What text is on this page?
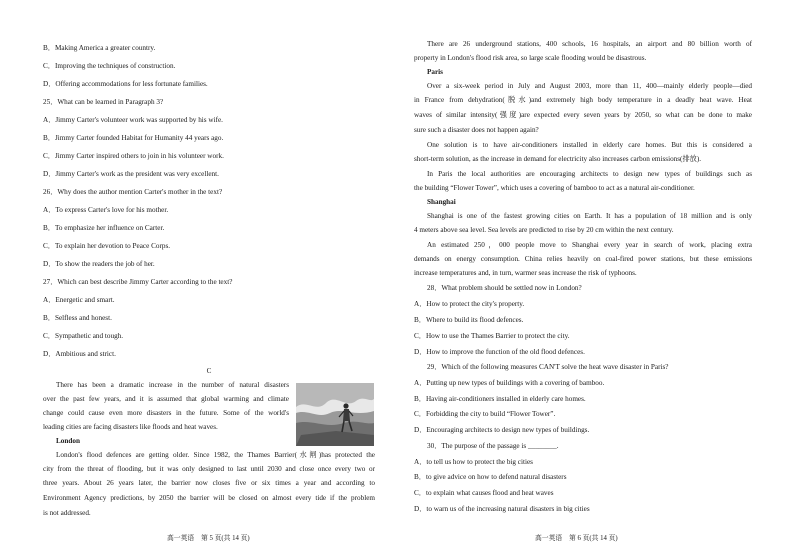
B．Making America a greater country.
C．Improving the techniques of construction.
D．Offering accommodations for less fortunate families.
25．What can be learned in Paragraph 3?
A．Jimmy Carter's volunteer work was supported by his wife.
B．Jimmy Carter founded Habitat for Humanity 44 years ago.
C．Jimmy Carter inspired others to join in his volunteer work.
D．Jimmy Carter's work as the president was very excellent.
26．Why does the author mention Carter's mother in the text?
A．To express Carter's love for his mother.
B．To emphasize her influence on Carter.
C．To explain her devotion to Peace Corps.
D．To show the readers the job of her.
27．Which can best describe Jimmy Carter according to the text?
A．Energetic and smart.
B．Selfless and honest.
C．Sympathetic and tough.
D．Ambitious and strict.
C
There has been a dramatic increase in the number of natural disasters
over the past few years, and it is assumed that global warming and climate
change could cause even more disasters in the future. Some of the world's
leading cities are facing disasters like floods and heat waves.
London
London's flood defences are getting older. Since 1982, the Thames Barrier(水闸)has protected the
city from the threat of flooding, but it was only designed to last until 2030 and close once every two or
three years. About 26 years later, the barrier now closes five or six times a year and according to
Environment Agency predictions, by 2050 the barrier will be closed on almost every tide if the problem
is not addressed.
高一英语　第 5 页(共 14 页)
There are 26 underground stations, 400 schools, 16 hospitals, an airport and 80 billion worth of
property in London's flood risk area, so large scale flooding would be disastrous.
Paris
Over a six-week period in July and August 2003, more than 11, 400—mainly elderly people—died
in France from dehydration(脱水)and extremely high body temperature in a deadly heat wave. Heat
waves of similar intensity(强度)are expected every seven years by 2050, so what can be done to make
sure such a disaster does not happen again?
One solution is to have air-conditioners installed in elderly care homes. But this is considered a
short-term solution, as the increase in demand for electricity also increases carbon emissions(排放).
In Paris the local authorities are encouraging architects to design new types of buildings such as
the building “Flower Tower”, which uses a covering of bamboo to act as a natural air-conditioner.
Shanghai
Shanghai is one of the fastest growing cities on Earth. It has a population of 18 million and is only
4 meters above sea level. Sea levels are predicted to rise by 20 cm within the next century.
An estimated 250，000 people move to Shanghai every year in search of work, placing extra
demands on energy consumption. China relies heavily on coal-fired power stations, but these emissions
increase temperatures and, in turn, warmer seas increase the risk of typhoons.
28．What problem should be settled now in London?
A．How to protect the city's property.
B．Where to build its flood defences.
C．How to use the Thames Barrier to protect the city.
D．How to improve the function of the old flood defences.
29．Which of the following measures CAN'T solve the heat wave disaster in Paris?
A．Putting up new types of buildings with a covering of bamboo.
B．Having air-conditioners installed in elderly care homes.
C．Forbidding the city to build “Flower Tower”.
D．Encouraging architects to design new types of buildings.
30．The purpose of the passage is ________.
A．to tell us how to protect the big cities
B．to give advice on how to defend natural disasters
C．to explain what causes flood and heat waves
D．to warn us of the increasing natural disasters in big cities
高一英语　第 6 页(共 14 页)
